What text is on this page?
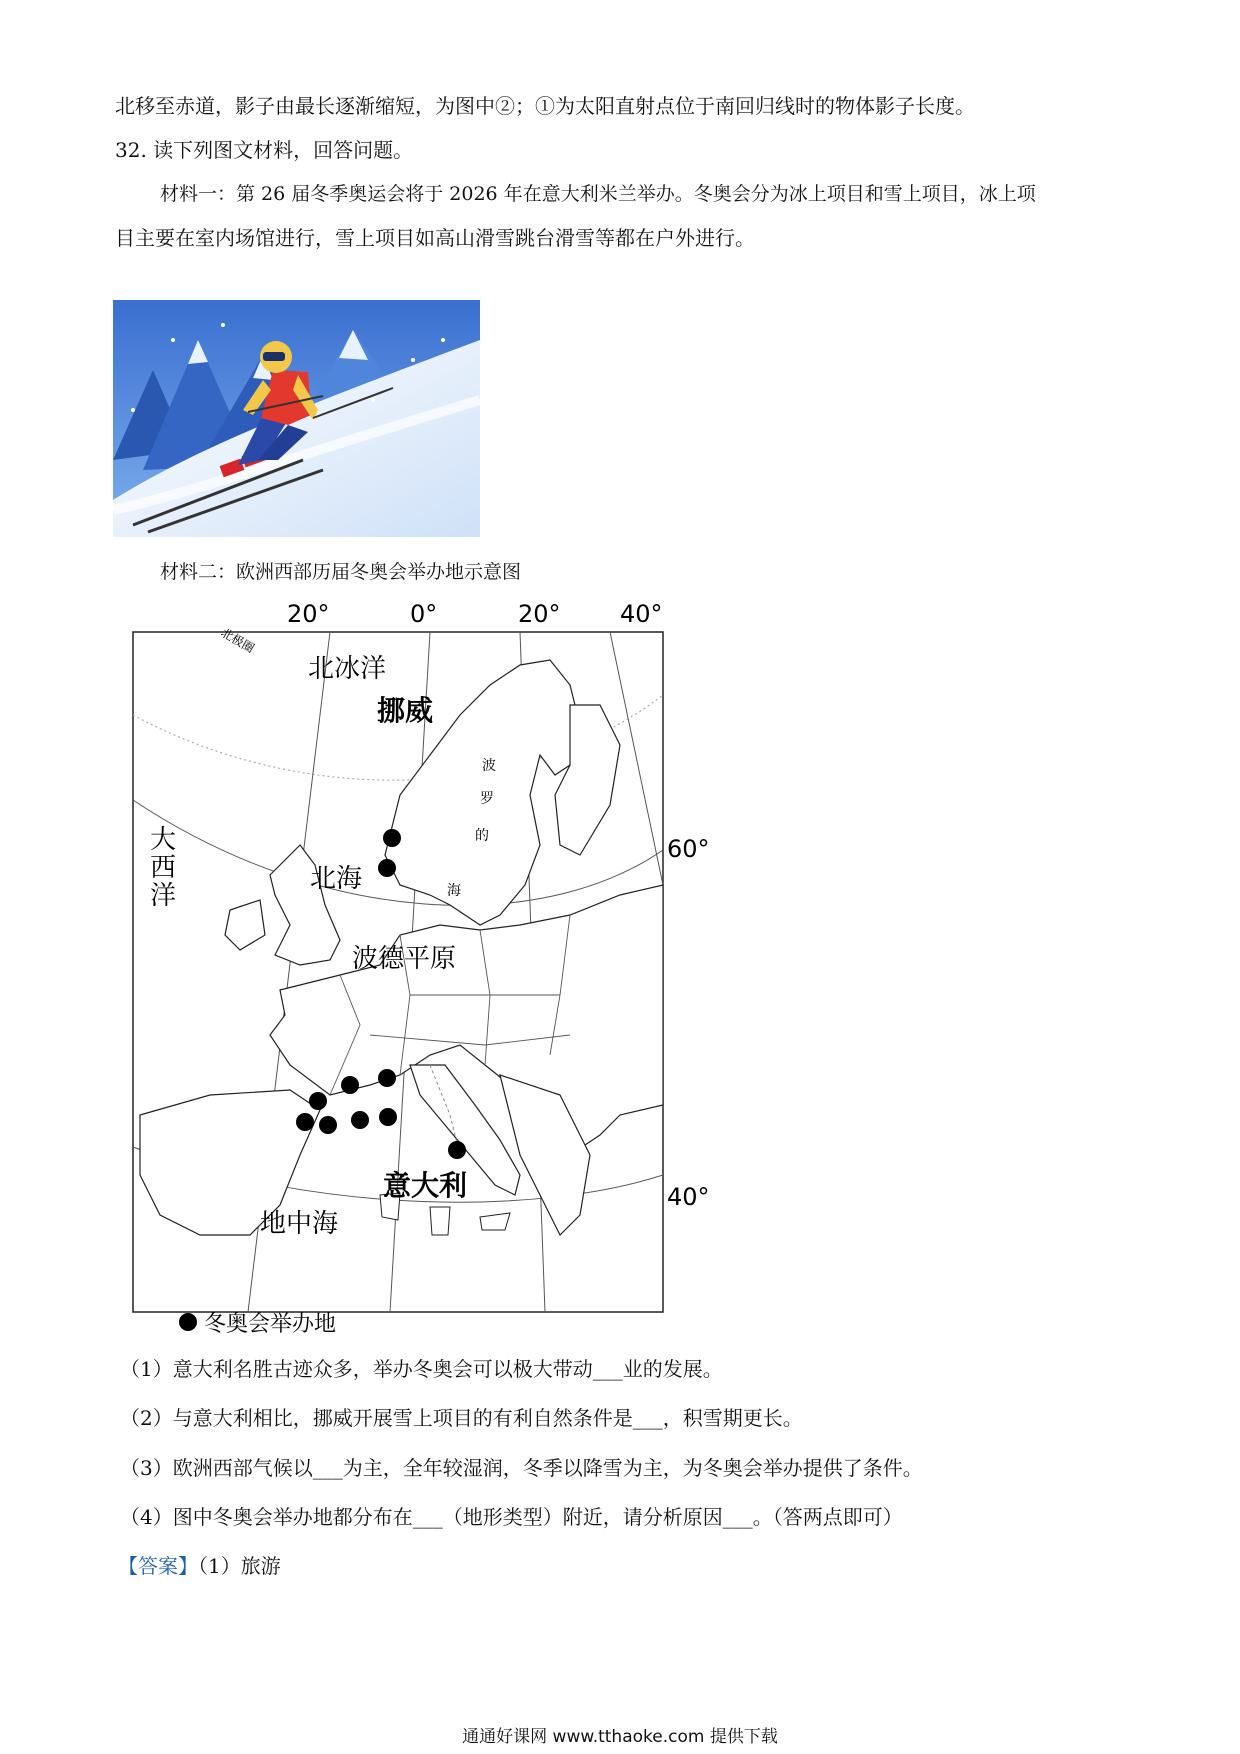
北移至赤道，影子由最长逐渐缩短，为图中②；①为太阳直射点位于南回归线时的物体影子长度。
32. 读下列图文材料，回答问题。
材料一：第 26 届冬季奥运会将于 2026 年在意大利米兰举办。冬奥会分为冰上项目和雪上项目，冰上项
目主要在室内场馆进行，雪上项目如高山滑雪跳台滑雪等都在户外进行。
材料二：欧洲西部历届冬奥会举办地示意图
20°	0°	20° 40°
60°
40°
北极圈
北冰洋
挪威
大
西
洋
北海
波
罗
的
海
波德平原
意大利
地中海
冬奥会举办地
（1）意大利名胜古迹众多，举办冬奥会可以极大带动___业的发展。
（2）与意大利相比，挪威开展雪上项目的有利自然条件是___，积雪期更长。
（3）欧洲西部气候以___为主，全年较湿润，冬季以降雪为主，为冬奥会举办提供了条件。
（4）图中冬奥会举办地都分布在___（地形类型）附近，请分析原因___。（答两点即可）
【答案】（1）旅游
通通好课网 www.tthaoke.com 提供下载
